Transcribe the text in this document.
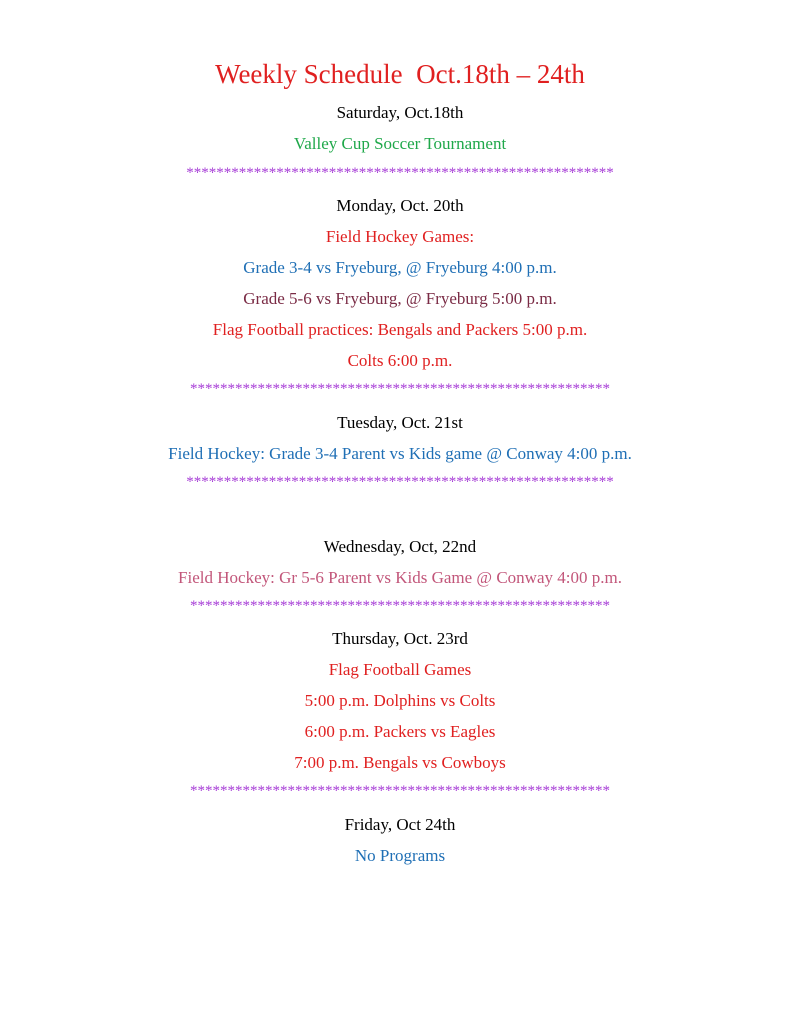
Weekly Schedule  Oct.18th – 24th
Saturday, Oct.18th
Valley Cup Soccer Tournament
*********************************************************
Monday, Oct. 20th
Field Hockey Games:
Grade 3-4 vs Fryeburg, @ Fryeburg 4:00 p.m.
Grade 5-6 vs Fryeburg, @ Fryeburg 5:00 p.m.
Flag Football practices: Bengals and Packers 5:00 p.m.
Colts 6:00 p.m.
********************************************************
Tuesday, Oct. 21st
Field Hockey: Grade 3-4 Parent vs Kids game @ Conway 4:00 p.m.
*********************************************************
Wednesday, Oct, 22nd
Field Hockey: Gr 5-6 Parent vs Kids Game @ Conway 4:00 p.m.
********************************************************
Thursday, Oct. 23rd
Flag Football Games
5:00 p.m. Dolphins vs Colts
6:00 p.m. Packers vs Eagles
7:00 p.m. Bengals vs Cowboys
********************************************************
Friday, Oct 24th
No Programs
